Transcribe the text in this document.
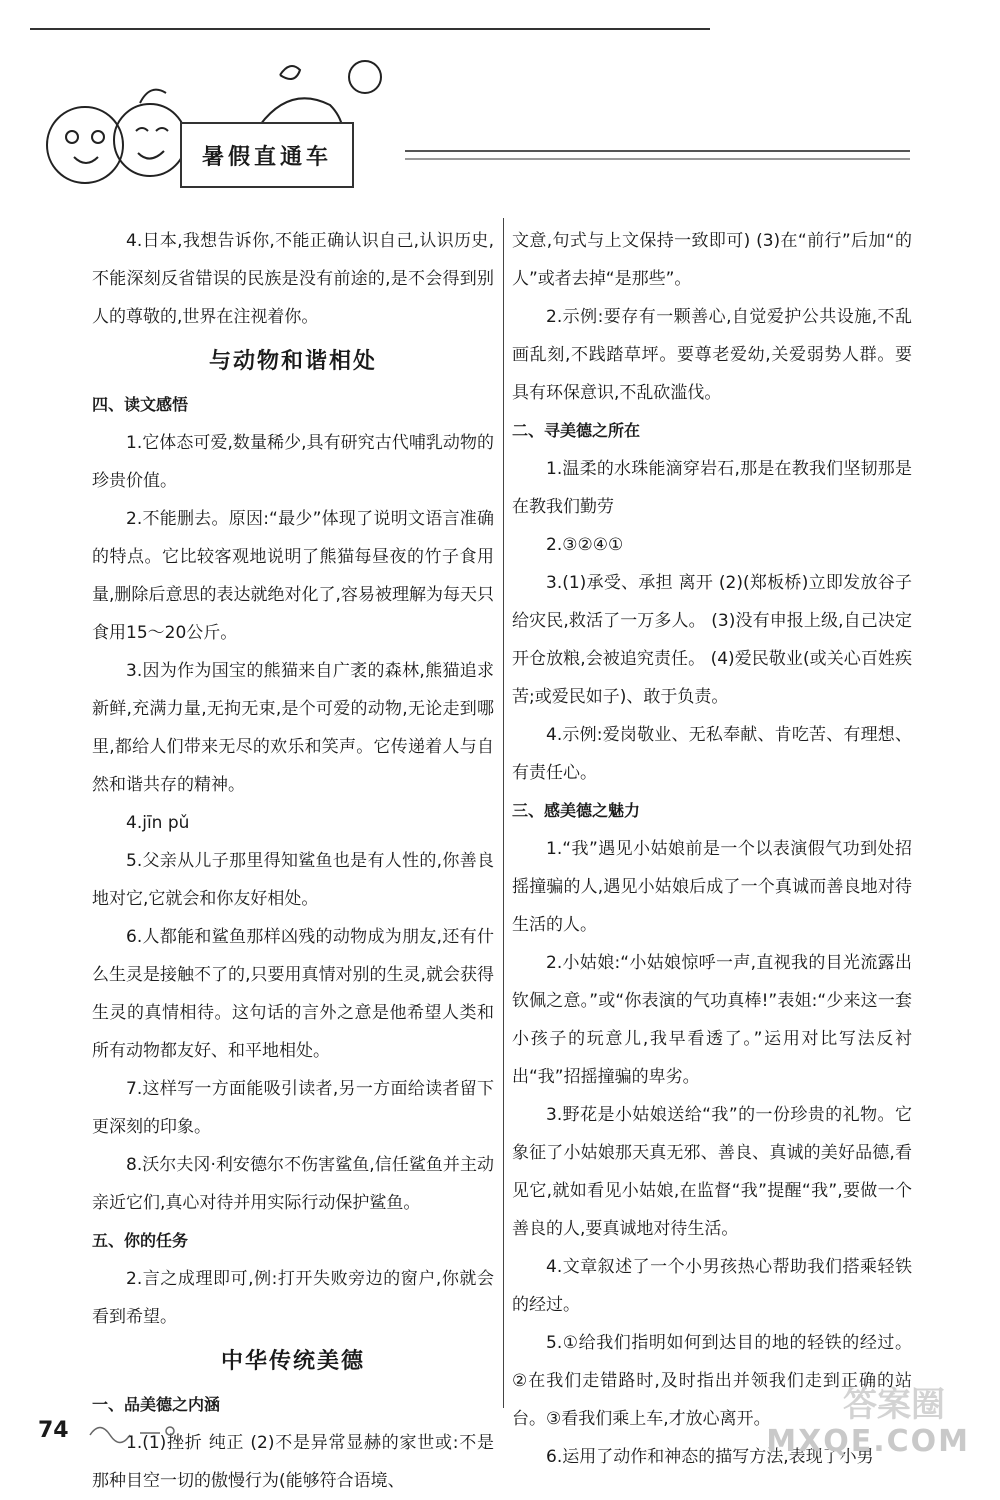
暑假直通车

4.日本,我想告诉你,不能正确认识自己,认识历史,不能深刻反省错误的民族是没有前途的,是不会得到别人的尊敬的,世界在注视着你。

与动物和谐相处

四、读文感悟

1.它体态可爱,数量稀少,具有研究古代哺乳动物的珍贵价值。

2.不能删去。原因:“最少”体现了说明文语言准确的特点。它比较客观地说明了熊猫每昼夜的竹子食用量,删除后意思的表达就绝对化了,容易被理解为每天只食用15～20公斤。

3.因为作为国宝的熊猫来自广袤的森林,熊猫追求新鲜,充满力量,无拘无束,是个可爱的动物,无论走到哪里,都给人们带来无尽的欢乐和笑声。它传递着人与自然和谐共存的精神。

4.jīn pǔ

5.父亲从儿子那里得知鲨鱼也是有人性的,你善良地对它,它就会和你友好相处。

6.人都能和鲨鱼那样凶残的动物成为朋友,还有什么生灵是接触不了的,只要用真情对别的生灵,就会获得生灵的真情相待。这句话的言外之意是他希望人类和所有动物都友好、和平地相处。

7.这样写一方面能吸引读者,另一方面给读者留下更深刻的印象。

8.沃尔夫冈·利安德尔不伤害鲨鱼,信任鲨鱼并主动亲近它们,真心对待并用实际行动保护鲨鱼。

五、你的任务

2.言之成理即可,例:打开失败旁边的窗户,你就会看到希望。

中华传统美德

一、品美德之内涵

1.(1)挫折 纯正 (2)不是异常显赫的家世或:不是那种目空一切的傲慢行为(能够符合语境、

文意,句式与上文保持一致即可) (3)在“前行”后加“的人”或者去掉“是那些”。

2.示例:要存有一颗善心,自觉爱护公共设施,不乱画乱刻,不践踏草坪。要尊老爱幼,关爱弱势人群。要具有环保意识,不乱砍滥伐。

二、寻美德之所在

1.温柔的水珠能滴穿岩石,那是在教我们坚韧那是在教我们勤劳

2.③②④①

3.(1)承受、承担 离开 (2)(郑板桥)立即发放谷子给灾民,救活了一万多人。 (3)没有申报上级,自己决定开仓放粮,会被追究责任。 (4)爱民敬业(或关心百姓疾苦;或爱民如子)、敢于负责。

4.示例:爱岗敬业、无私奉献、肯吃苦、有理想、有责任心。

三、感美德之魅力

1.“我”遇见小姑娘前是一个以表演假气功到处招摇撞骗的人,遇见小姑娘后成了一个真诚而善良地对待生活的人。

2.小姑娘:“小姑娘惊呼一声,直视我的目光流露出钦佩之意。”或“你表演的气功真棒!”表姐:“少来这一套小孩子的玩意儿,我早看透了。”运用对比写法反衬出“我”招摇撞骗的卑劣。

3.野花是小姑娘送给“我”的一份珍贵的礼物。它象征了小姑娘那天真无邪、善良、真诚的美好品德,看见它,就如看见小姑娘,在监督“我”提醒“我”,要做一个善良的人,要真诚地对待生活。

4.文章叙述了一个小男孩热心帮助我们搭乘轻铁的经过。

5.①给我们指明如何到达目的地的轻铁的经过。②在我们走错路时,及时指出并领我们走到正确的站台。③看我们乘上车,才放心离开。

6.运用了动作和神态的描写方法,表现了小男

74
答案圈
MXQE.COM
